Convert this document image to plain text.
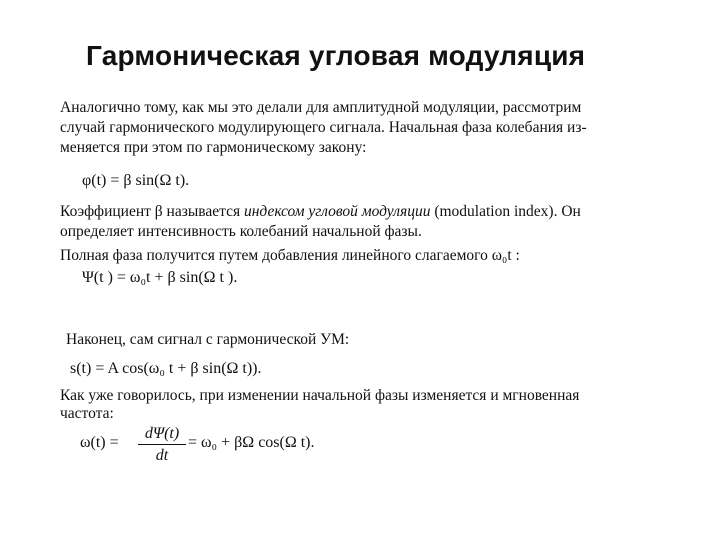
Гармоническая угловая модуляция
Аналогично тому, как мы это делали для амплитудной модуляции, рассмотрим
случай гармонического модулирующего сигнала. Начальная фаза колебания из-
меняется при этом по гармоническому закону:
φ(t) = β sin(Ω t).
Коэффициент β называется индексом угловой модуляции (modulation index). Он
определяет интенсивность колебаний начальной фазы.
Полная фаза получится путем добавления линейного слагаемого ω₀t :
Ψ(t ) = ω₀t + β sin(Ω t ).
Наконец, сам сигнал с гармонической УМ:
s(t) = A cos(ω₀ t + β sin(Ω t)).
Как уже говорилось, при изменении начальной фазы изменяется и мгновенная
частота:
ω(t) =
dΨ(t)
dt
= ω₀ + βΩ cos(Ω t).
